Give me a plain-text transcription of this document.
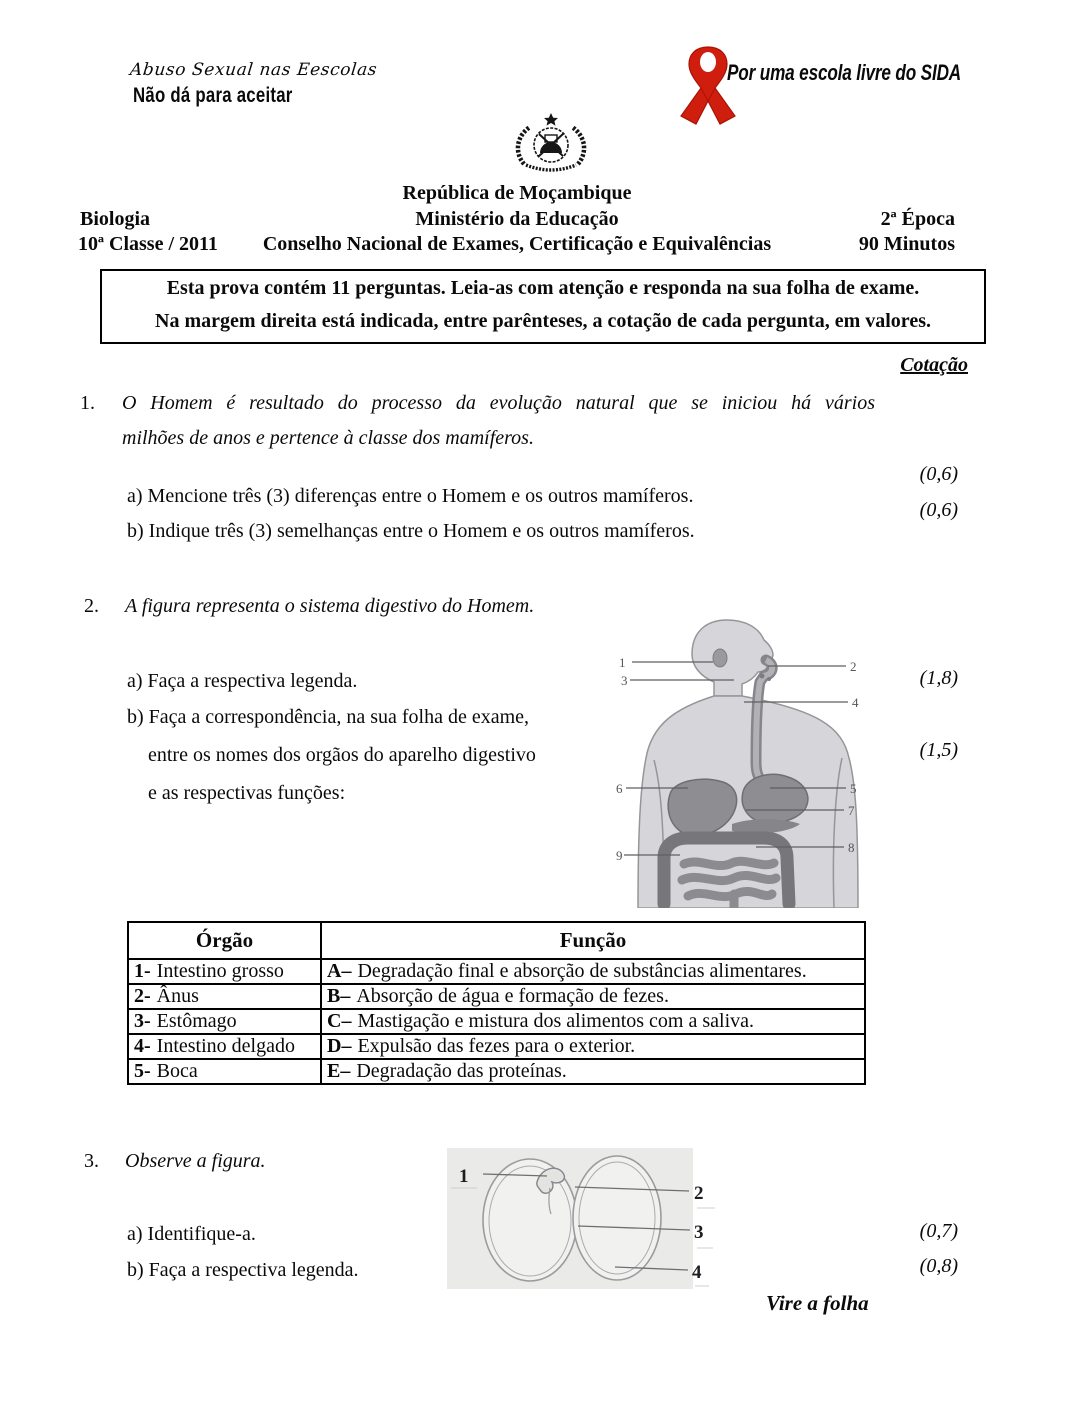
Abuso Sexual nas Eescolas
Não dá para aceitar
Por uma escola livre do SIDA
República de Moçambique
Biologia	Ministério da Educação	2ª Época
10ª Classe / 2011	Conselho Nacional de Exames, Certificação e Equivalências	90 Minutos
Esta prova contém 11 perguntas. Leia-as com atenção e responda na sua folha de exame.
Na margem direita está indicada, entre parênteses, a cotação de cada pergunta, em valores.
Cotação
1. O Homem é resultado do processo da evolução natural que se iniciou há vários
milhões de anos e pertence à classe dos mamíferos.
(0,6)
a) Mencione três (3) diferenças entre o Homem e os outros mamíferos.
(0,6)
b) Indique três (3) semelhanças entre o Homem e os outros mamíferos.
2. A figura representa o sistema digestivo do Homem.
1	2
3
4
5
6
7
8
9
a) Faça a respectiva legenda.	(1,8)
b) Faça a correspondência, na sua folha de exame,
entre os nomes dos orgãos do aparelho digestivo	(1,5)
e as respectivas funções:
Órgão	Função
1- Intestino grosso	A– Degradação final e absorção de substâncias alimentares.
2- Ânus	B– Absorção de água e formação de fezes.
3- Estômago	C– Mastigação e mistura dos alimentos com a saliva.
4- Intestino delgado	D– Expulsão das fezes para o exterior.
5- Boca	E– Degradação das proteínas.
3. Observe a figura.
1
2
3
4
a) Identifique-a.	(0,7)
b) Faça a respectiva legenda.	(0,8)
Vire a folha
